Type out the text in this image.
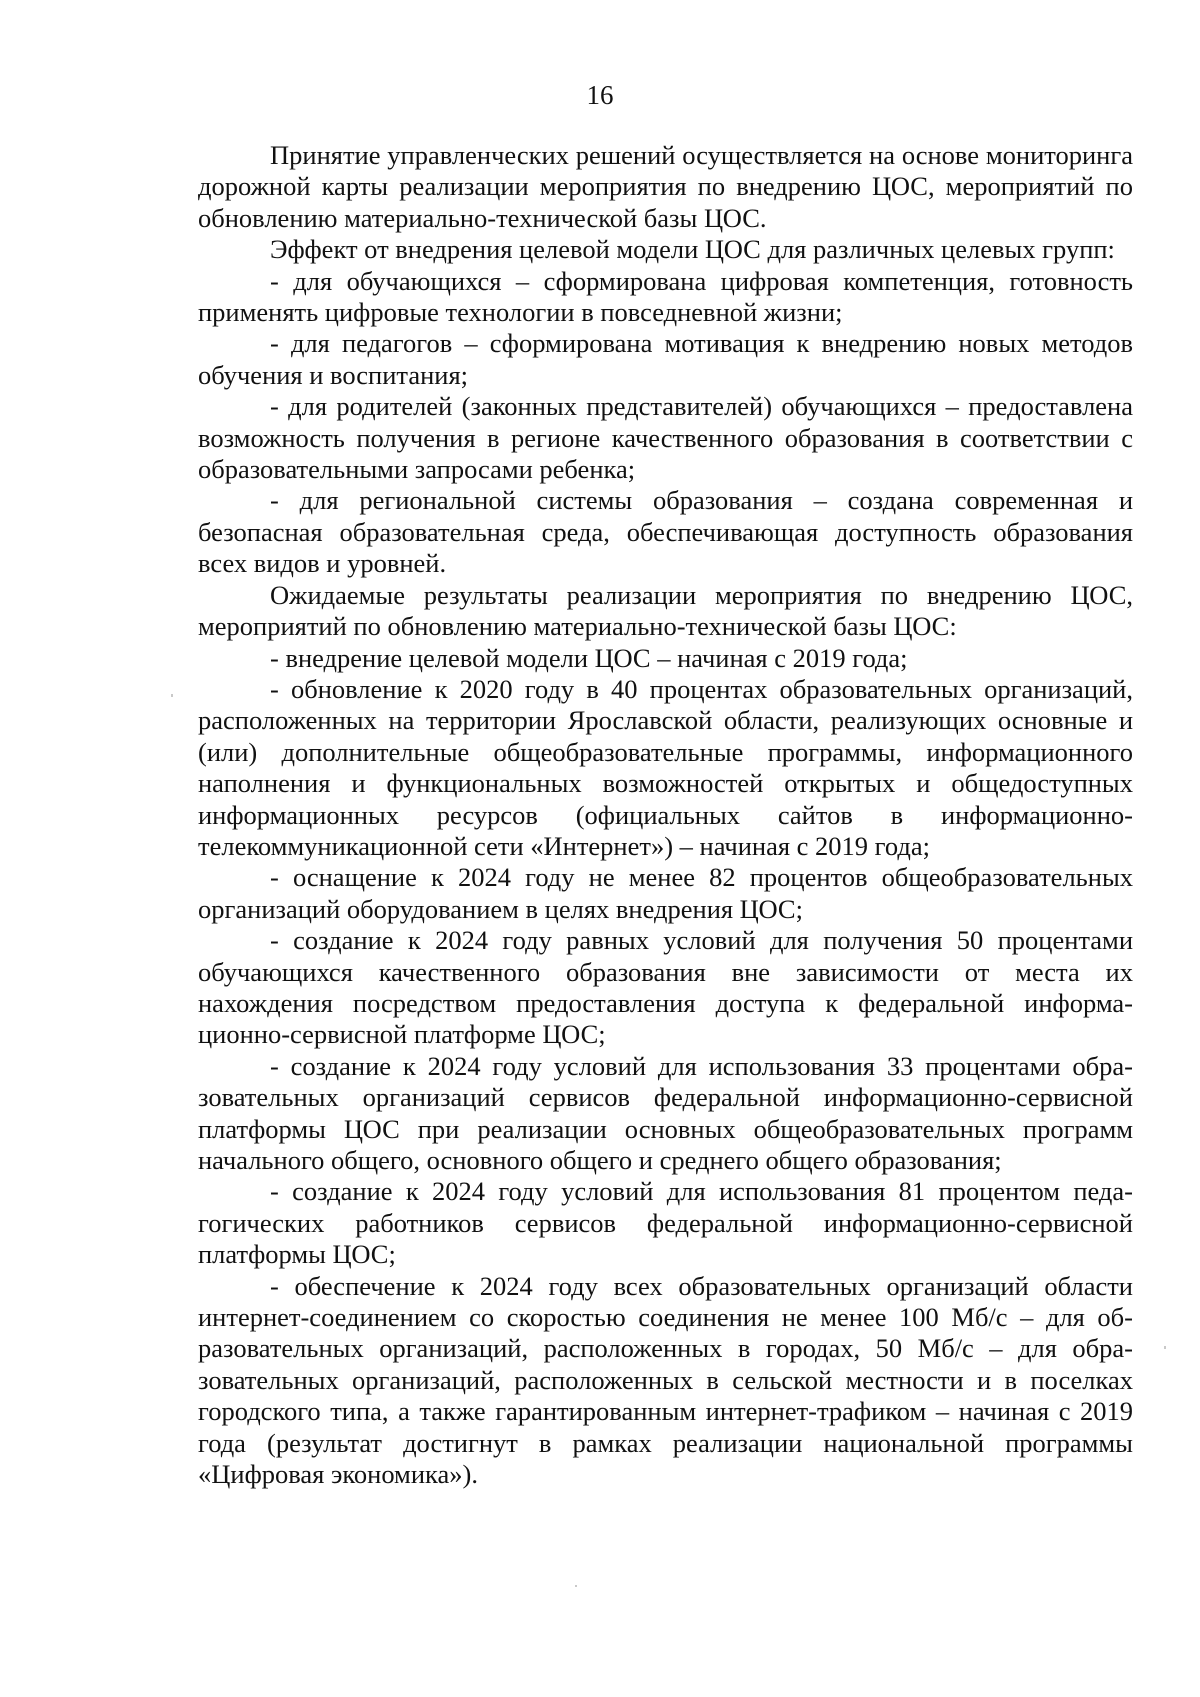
16

Принятие управленческих решений осуществляется на основе мониторинга дорожной карты реализации мероприятия по внедрению ЦОС, мероприятий по обновлению материально-технической базы ЦОС.

Эффект от внедрения целевой модели ЦОС для различных целевых групп:

- для обучающихся – сформирована цифровая компетенция, готовность применять цифровые технологии в повседневной жизни;

- для педагогов – сформирована мотивация к внедрению новых методов обучения и воспитания;

- для родителей (законных представителей) обучающихся – предоставлена возможность получения в регионе качественного образования в соответствии с образовательными запросами ребенка;

- для региональной системы образования – создана современная и безопасная образовательная среда, обеспечивающая доступность образования всех видов и уровней.

Ожидаемые результаты реализации мероприятия по внедрению ЦОС, мероприятий по обновлению материально-технической базы ЦОС:

- внедрение целевой модели ЦОС – начиная с 2019 года;

- обновление к 2020 году в 40 процентах образовательных организаций, расположенных на территории Ярославской области, реализующих основные и (или) дополнительные общеобразовательные программы, информационного наполнения и функциональных возможностей открытых и общедоступных информационных ресурсов (официальных сайтов в информационно-телекоммуникационной сети «Интернет») – начиная с 2019 года;

- оснащение к 2024 году не менее 82 процентов общеобразовательных организаций оборудованием в целях внедрения ЦОС;

- создание к 2024 году равных условий для получения 50 процентами обучающихся качественного образования вне зависимости от места их нахождения посредством предоставления доступа к федеральной информационно-сервисной платформе ЦОС;

- создание к 2024 году условий для использования 33 процентами образовательных организаций сервисов федеральной информационно-сервисной платформы ЦОС при реализации основных общеобразовательных программ начального общего, основного общего и среднего общего образования;

- создание к 2024 году условий для использования 81 процентом педагогических работников сервисов федеральной информационно-сервисной платформы ЦОС;

- обеспечение к 2024 году всех образовательных организаций области интернет-соединением со скоростью соединения не менее 100 Мб/с – для образовательных организаций, расположенных в городах, 50 Мб/с – для образовательных организаций, расположенных в сельской местности и в поселках городского типа, а также гарантированным интернет-трафиком – начиная с 2019 года (результат достигнут в рамках реализации национальной программы «Цифровая экономика»).
